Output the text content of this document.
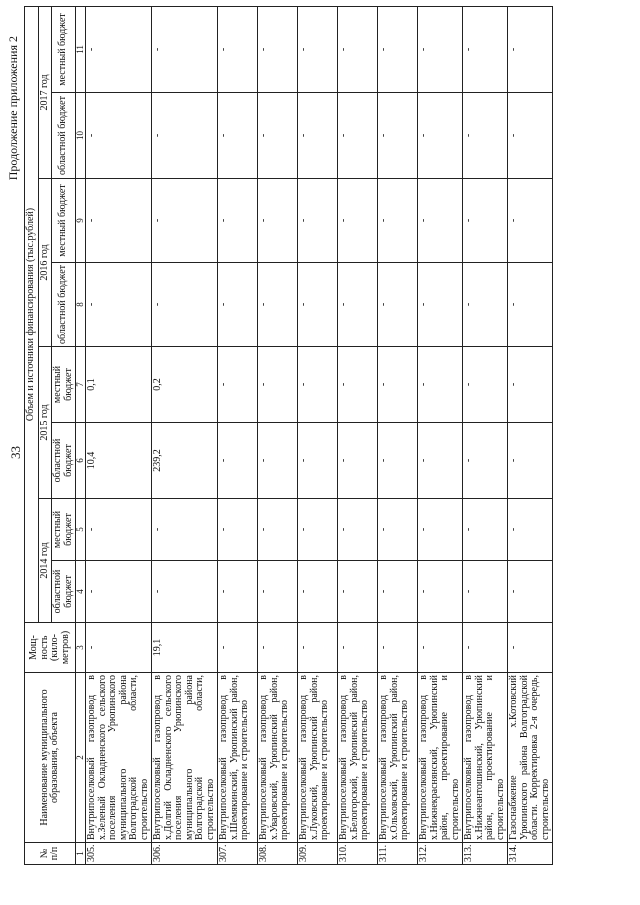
33
Продолжение приложения 2
№ п/п	Наименование муниципального образования, объекта	Мощ-ность (кило-метров)	Объем и источники финансирования (тыс.рублей)							
			2014 год		2015 год		2016 год		2017 год	
			областной бюджет	местный бюджет	областной бюджет	местный бюджет	областной бюджет	местный бюджет	областной бюджет	местный бюджет
1	2	3	4	5	6	7	8	9	10	11
305.	Внутрипоселковый газопровод в х.Зеленый Окладненского сельского поселения Урюпинского муниципального района Волгоградской области, строительство	-	-	-	10,4	0,1	-	-	-	-
306.	Внутрипоселковый газопровод в х.Долгий Окладненского сельского поселения Урюпинского муниципального района Волгоградской области, строительство	19,1	-	-	239,2	0,2	-	-	-	-
307.	Внутрипоселковый газопровод в х.Шемякинский, Урюпинский район, проектирование и строительство	-	-	-	-	-	-	-	-	-
308.	Внутрипоселковый газопровод в х.Уваровский, Урюпинский район, проектирование и строительство	-	-	-	-	-	-	-	-	-
309.	Внутрипоселковый газопровод в х.Луковский, Урюпинский район, проектирование и строительство	-	-	-	-	-	-	-	-	-
310.	Внутрипоселковый газопровод в х.Белогорский, Урюпинский район, проектирование и строительство	-	-	-	-	-	-	-	-	-
311.	Внутрипоселковый газопровод в х.Ольховский, Урюпинский район, проектирование и строительство	-	-	-	-	-	-	-	-	-
312.	Внутрипоселковый газопровод в х.Нижнекраснянский, Урюпинский район, проектирование и строительство	-	-	-	-	-	-	-	-	-
313.	Внутрипоселковый газопровод в х.Нижнеантошинский, Урюпинский район, проектирование и строительство	-	-	-	-	-	-	-	-	-
314.	Газоснабжение х.Котовский Урюпинского района Волгоградской области. Корректировка 2-я очередь, строительство	-	-	-	-	-	-	-	-	-
